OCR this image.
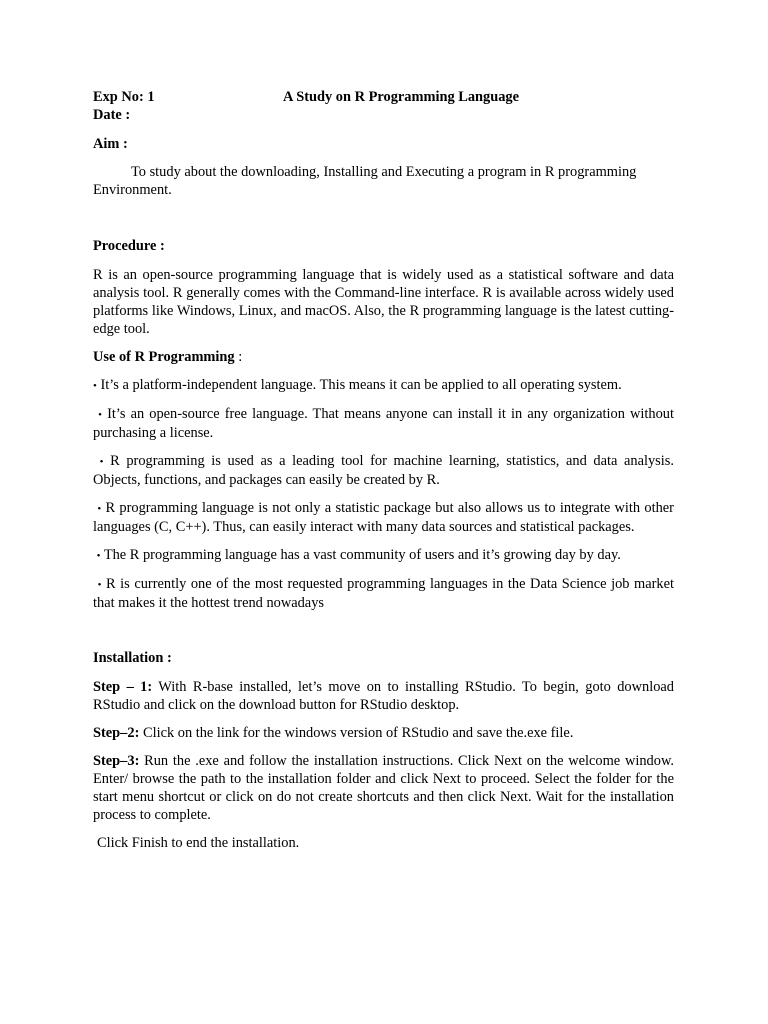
Exp No: 1	A Study on R Programming Language
Date :

Aim :

To study about the downloading, Installing and Executing a program in R programming Environment.

Procedure :

R is an open-source programming language that is widely used as a statistical software and data analysis tool. R generally comes with the Command-line interface. R is available across widely used platforms like Windows, Linux, and macOS. Also, the R programming language is the latest cutting-edge tool.

Use of R Programming :

• It’s a platform-independent language. This means it can be applied to all operating system.

• It’s an open-source free language. That means anyone can install it in any organization without purchasing a license.

• R programming is used as a leading tool for machine learning, statistics, and data analysis. Objects, functions, and packages can easily be created by R.

• R programming language is not only a statistic package but also allows us to integrate with other languages (C, C++). Thus, can easily interact with many data sources and statistical packages.

• The R programming language has a vast community of users and it’s growing day by day.

• R is currently one of the most requested programming languages in the Data Science job market that makes it the hottest trend nowadays

Installation :

Step – 1: With R-base installed, let’s move on to installing RStudio. To begin, goto download RStudio and click on the download button for RStudio desktop.

Step–2: Click on the link for the windows version of RStudio and save the.exe file.

Step–3: Run the .exe and follow the installation instructions. Click Next on the welcome window. Enter/ browse the path to the installation folder and click Next to proceed. Select the folder for the start menu shortcut or click on do not create shortcuts and then click Next. Wait for the installation process to complete.

Click Finish to end the installation.
